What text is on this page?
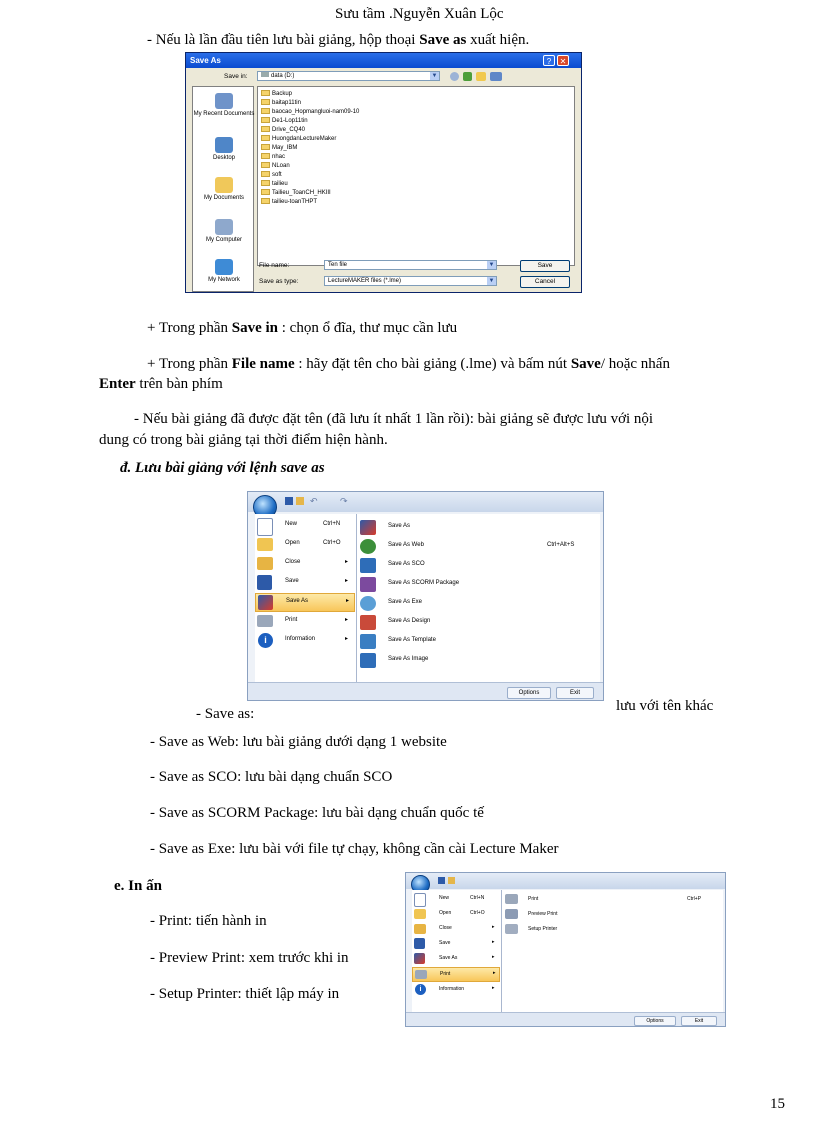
Sưu tầm .Nguyễn Xuân Lộc
- Nếu là lần đầu tiên lưu bài giảng, hộp thoại Save as xuất hiện.
Save As	?	✕
Save in:	data (D:)	▼
My Recent Documents
Desktop
My Documents
My Computer
My Network
Backup
baitap11tin
baocao_Hopmangluoi-nam09-10
De1-Lop11tin
Drive_CQ40
HuongdanLectureMaker
May_IBM
nhac
NLoan
soft
tailieu
Tailieu_ToanCH_HKIII
tailieu-toanTHPT
File name:	Ten file	▼
Save as type:	LectureMAKER files (*.lme)	▼
Save
Cancel
+ Trong phần Save in : chọn ổ đĩa, thư mục cần lưu
+ Trong phần File name : hãy đặt tên cho bài giảng (.lme) và bấm nút Save/ hoặc nhấn
Enter trên bàn phím
- Nếu bài giảng đã được đặt tên (đã lưu ít nhất 1 lần rồi): bài giảng sẽ được lưu với nội
dung có trong bài giảng tại thời điểm hiện hành.
đ. Lưu bài giảng với lệnh save as
↶ ↷
New	Ctrl+N
Open	Ctrl+O
Close	▸
Save	▸
Save As	▸
Print	▸
i	Information	▸
Save As
Save As Web	Ctrl+Alt+S
Save As SCO
Save As SCORM Package
Save As Exe
Save As Design
Save As Template
Save As Image
Options	Exit
- Save as:	lưu với tên khác
- Save as Web: lưu bài giảng dưới dạng 1 website
- Save as SCO: lưu bài dạng chuẩn SCO
- Save as SCORM Package: lưu bài dạng chuẩn quốc tế
- Save as Exe: lưu bài với file tự chạy, không cần cài Lecture Maker
e. In ấn
- Print: tiến hành in
- Preview Print: xem trước khi in
- Setup Printer: thiết lập máy in
New	Ctrl+N
Open	Ctrl+O
Close	▸
Save	▸
Save As	▸
Print	▸
i	Information	▸
Print	Ctrl+P
Preview Print
Setup Printer
Options	Exit
15
